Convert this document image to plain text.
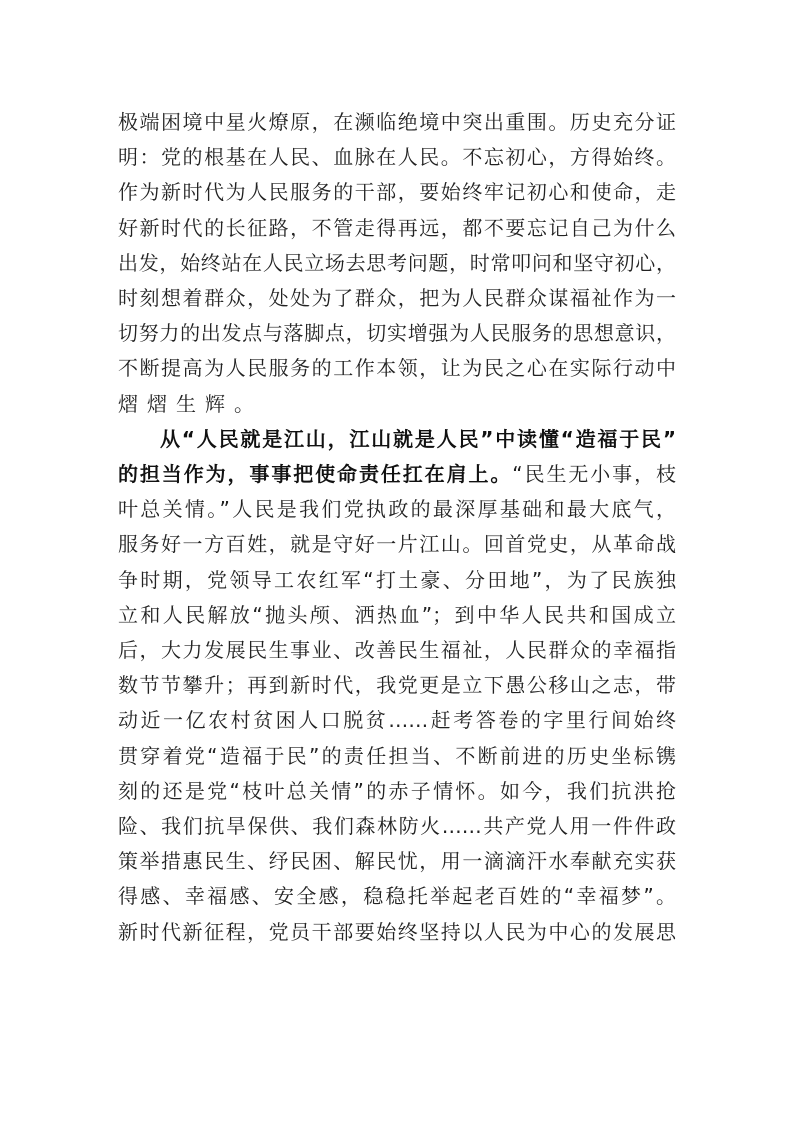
极端困境中星火燎原，在濒临绝境中突出重围。历史充分证
明：党的根基在人民、血脉在人民。不忘初心，方得始终。
作为新时代为人民服务的干部，要始终牢记初心和使命，走
好新时代的长征路，不管走得再远，都不要忘记自己为什么
出发，始终站在人民立场去思考问题，时常叩问和坚守初心，
时刻想着群众，处处为了群众，把为人民群众谋福祉作为一
切努力的出发点与落脚点，切实增强为人民服务的思想意识，
不断提高为人民服务的工作本领，让为民之心在实际行动中
熠熠生辉。
从“人民就是江山，江山就是人民”中读懂“造福于民”
的担当作为，事事把使命责任扛在肩上。“民生无小事，枝
叶总关情。”人民是我们党执政的最深厚基础和最大底气，
服务好一方百姓，就是守好一片江山。回首党史，从革命战
争时期，党领导工农红军“打土豪、分田地”，为了民族独
立和人民解放“抛头颅、洒热血”；到中华人民共和国成立
后，大力发展民生事业、改善民生福祉，人民群众的幸福指
数节节攀升；再到新时代，我党更是立下愚公移山之志，带
动近一亿农村贫困人口脱贫……赶考答卷的字里行间始终
贯穿着党“造福于民”的责任担当、不断前进的历史坐标镌
刻的还是党“枝叶总关情”的赤子情怀。如今，我们抗洪抢
险、我们抗旱保供、我们森林防火……共产党人用一件件政
策举措惠民生、纾民困、解民忧，用一滴滴汗水奉献充实获
得感、幸福感、安全感，稳稳托举起老百姓的“幸福梦”。
新时代新征程，党员干部要始终坚持以人民为中心的发展思
